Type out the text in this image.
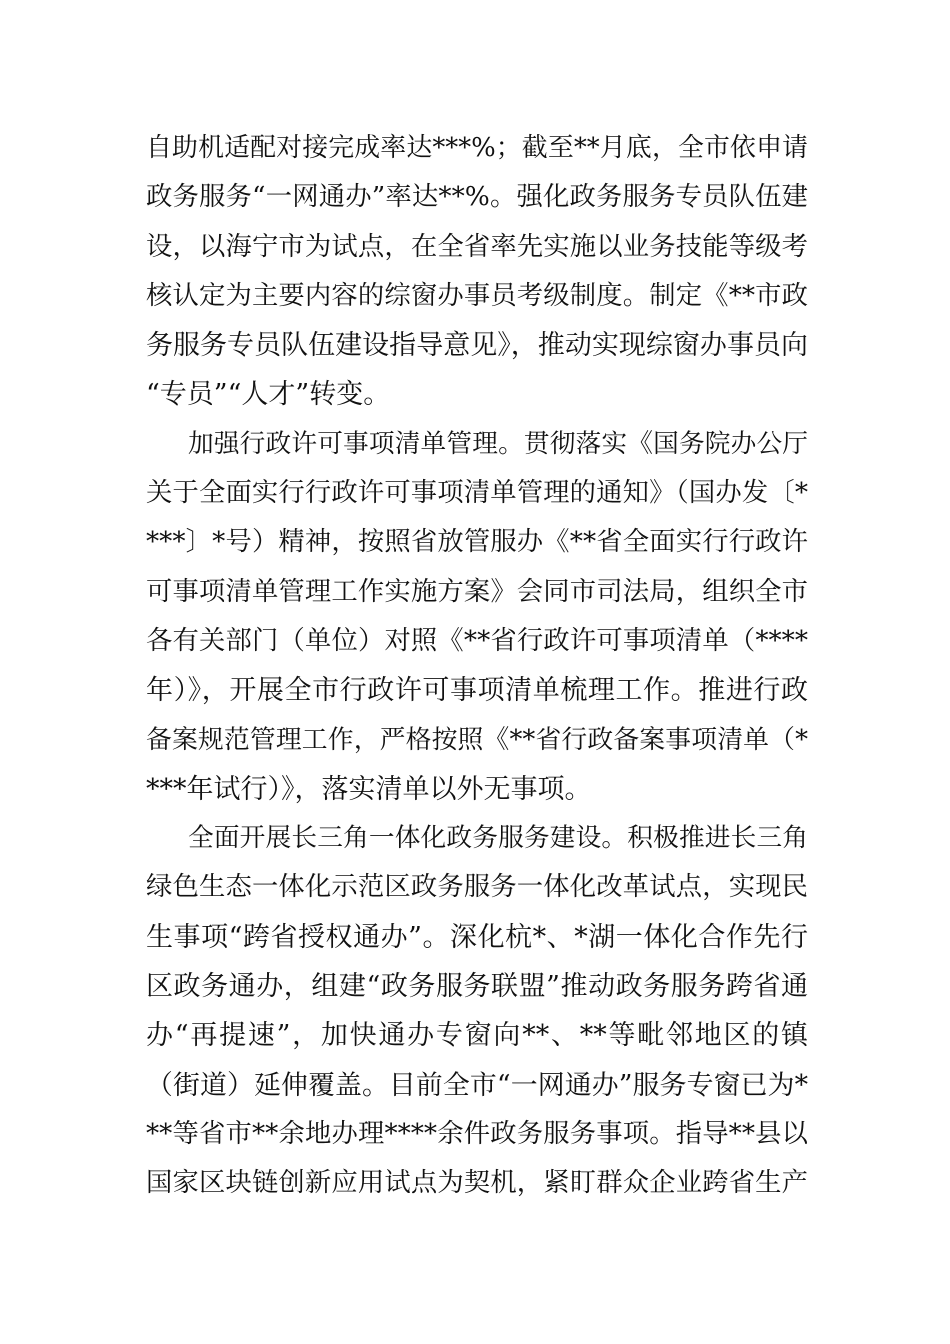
自助机适配对接完成率达***%；截至**月底，全市依申请
政务服务“一网通办”率达**%。强化政务服务专员队伍建
设，以海宁市为试点，在全省率先实施以业务技能等级考
核认定为主要内容的综窗办事员考级制度。制定《**市政
务服务专员队伍建设指导意见》，推动实现综窗办事员向
“专员”“人才”转变。
加强行政许可事项清单管理。贯彻落实《国务院办公厅
关于全面实行行政许可事项清单管理的通知》（国办发〔*
***〕*号）精神，按照省放管服办《**省全面实行行政许
可事项清单管理工作实施方案》会同市司法局，组织全市
各有关部门（单位）对照《**省行政许可事项清单（****
年）》，开展全市行政许可事项清单梳理工作。推进行政
备案规范管理工作，严格按照《**省行政备案事项清单（*
***年试行）》，落实清单以外无事项。
全面开展长三角一体化政务服务建设。积极推进长三角
绿色生态一体化示范区政务服务一体化改革试点，实现民
生事项“跨省授权通办”。深化杭*、*湖一体化合作先行
区政务通办，组建“政务服务联盟”推动政务服务跨省通
办“再提速”，加快通办专窗向**、**等毗邻地区的镇
（街道）延伸覆盖。目前全市“一网通办”服务专窗已为*
**等省市**余地办理****余件政务服务事项。指导**县以
国家区块链创新应用试点为契机，紧盯群众企业跨省生产
